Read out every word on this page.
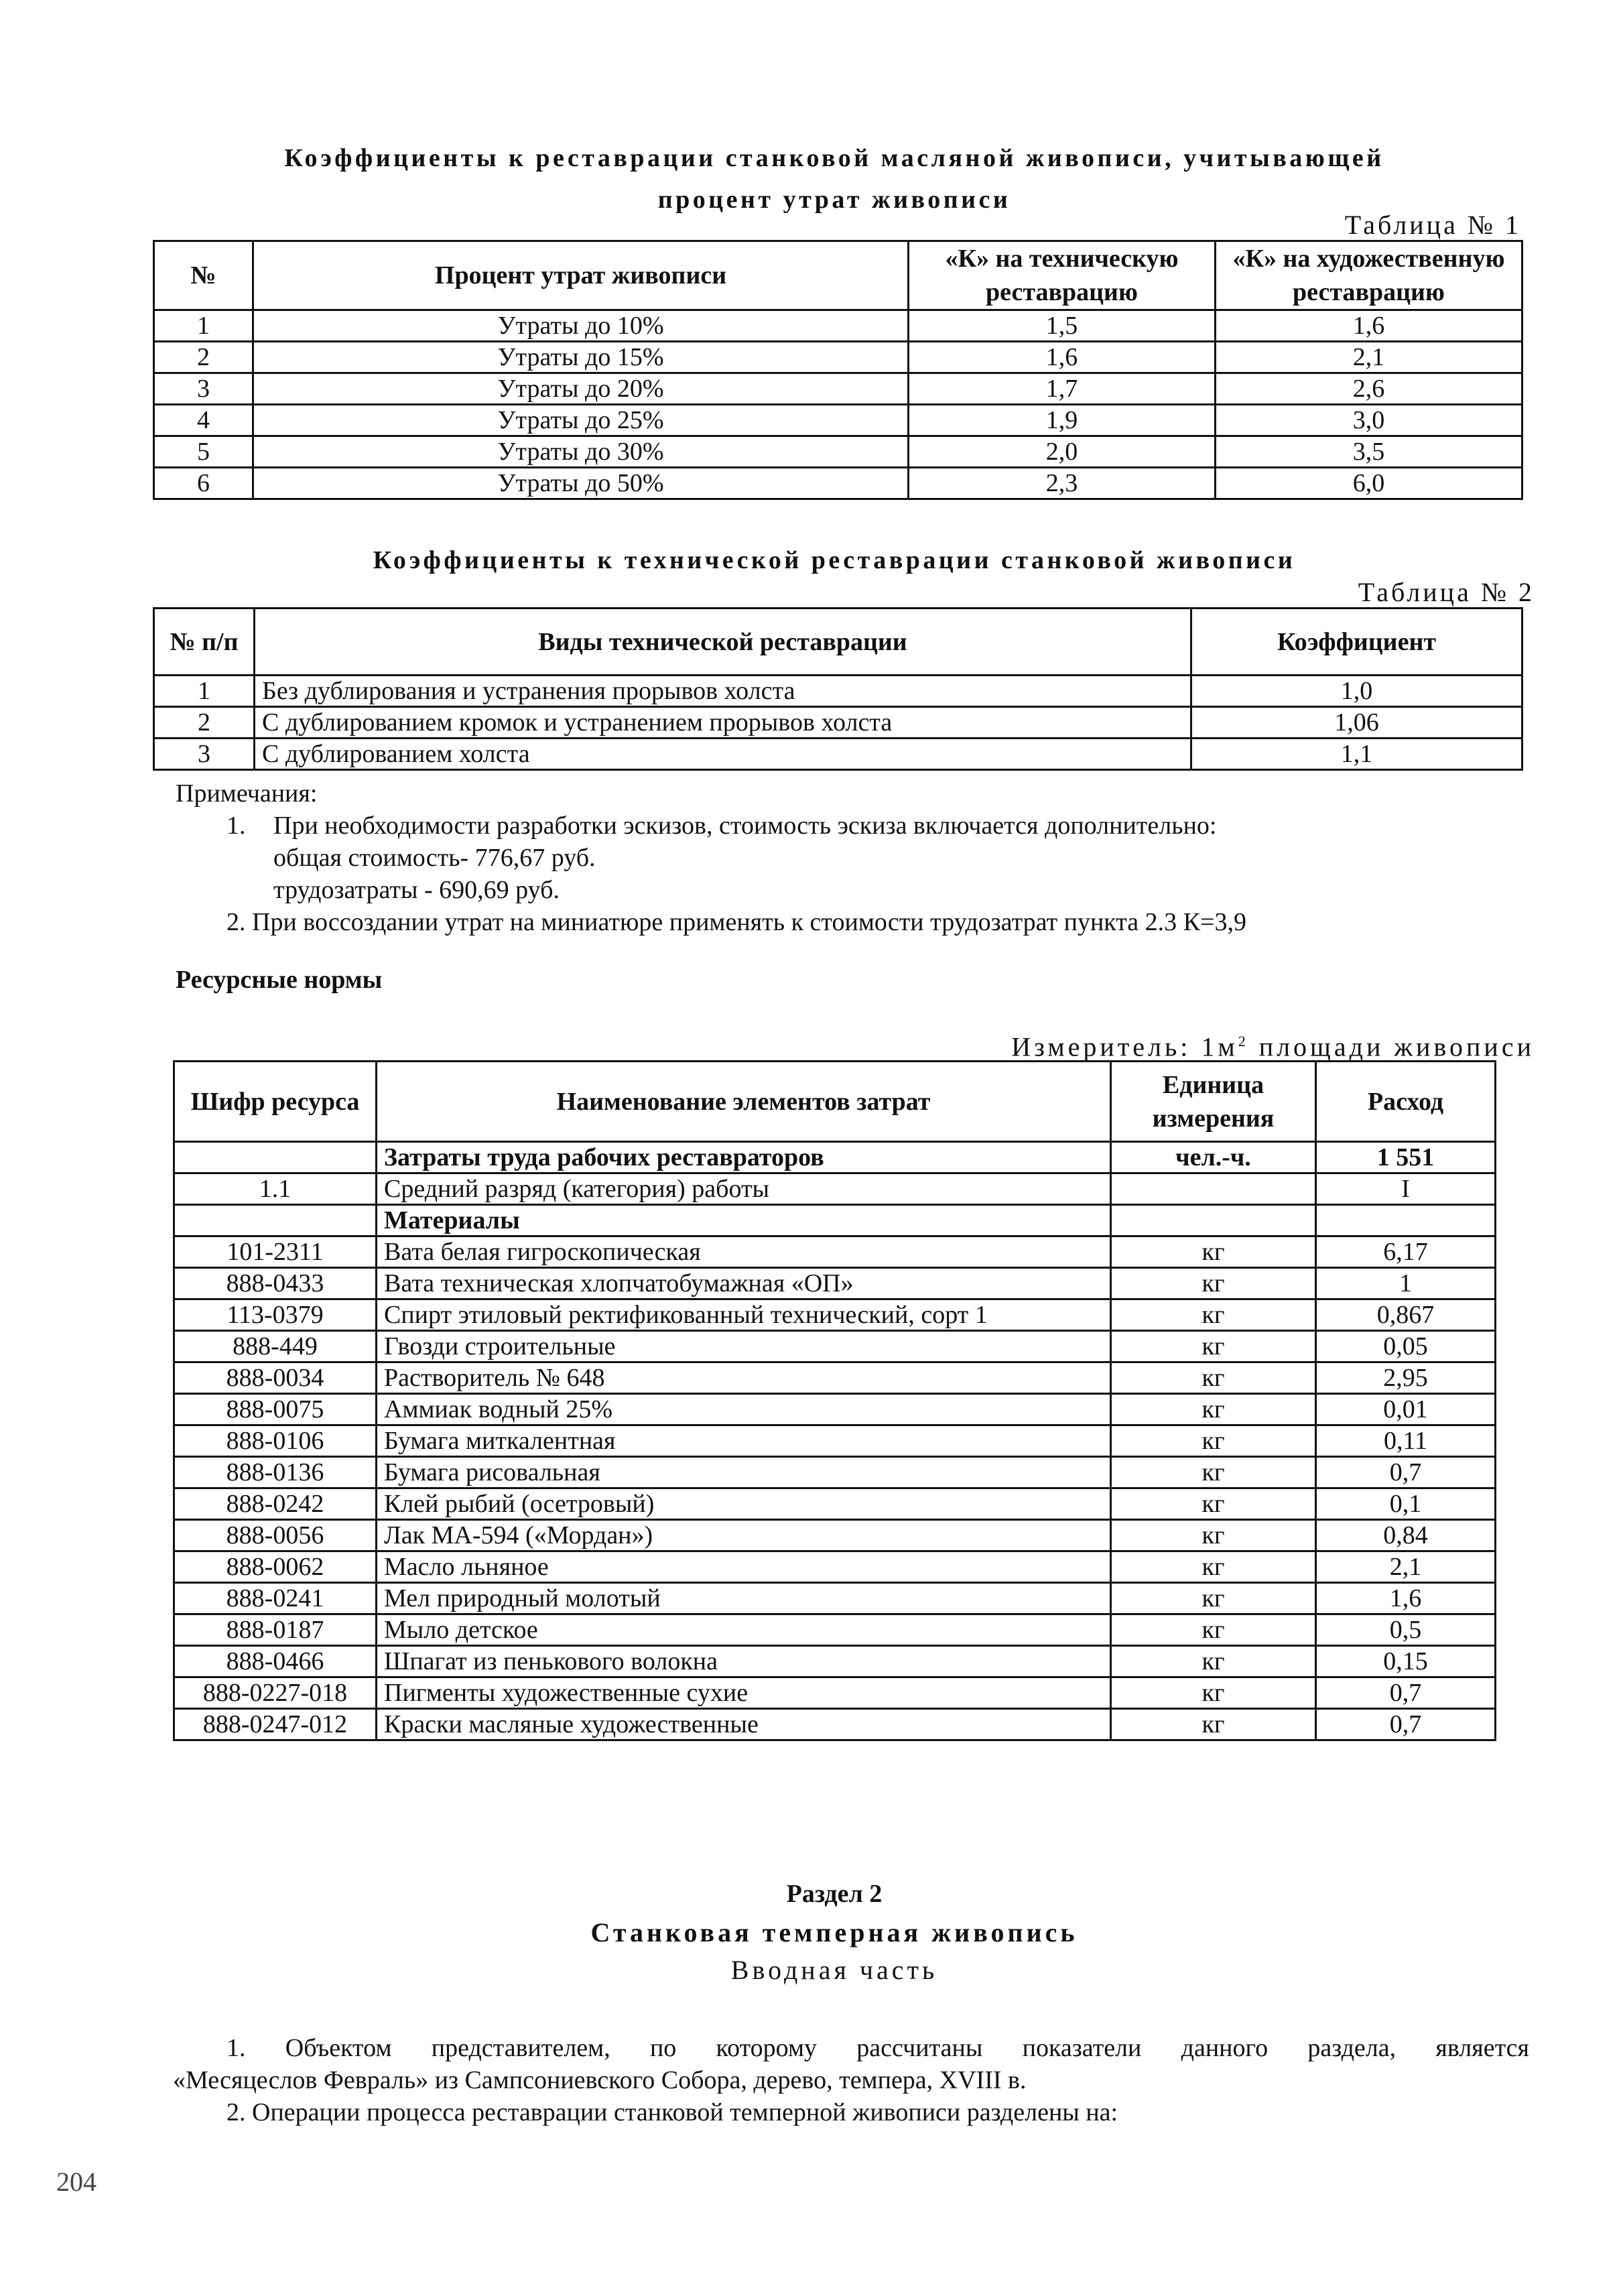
Коэффициенты к реставрации станковой масляной живописи, учитывающей
процент утрат живописи
Таблица № 1
№	Процент утрат живописи	«К» на техническую реставрацию	«К» на художественную реставрацию
1	Утраты до 10%	1,5	1,6
2	Утраты до 15%	1,6	2,1
3	Утраты до 20%	1,7	2,6
4	Утраты до 25%	1,9	3,0
5	Утраты до 30%	2,0	3,5
6	Утраты до 50%	2,3	6,0
Коэффициенты к технической реставрации станковой живописи
Таблица № 2
№ п/п	Виды технической реставрации	Коэффициент
1	Без дублирования и устранения прорывов холста	1,0
2	С дублированием кромок и устранением прорывов холста	1,06
3	С дублированием холста	1,1
Примечания:
1. При необходимости разработки эскизов, стоимость эскиза включается дополнительно:
общая стоимость- 776,67 руб.
трудозатраты - 690,69 руб.
2. При воссоздании утрат на миниатюре применять к стоимости трудозатрат пункта 2.3 К=3,9
Ресурсные нормы
Измеритель: $1м^2$ площади живописи
Шифр ресурса	Наименование элементов затрат	Единица измерения	Расход
	Затраты труда рабочих реставраторов	чел.-ч.	1 551
1.1	Средний разряд (категория) работы		I
	Материалы		
101-2311	Вата белая гигроскопическая	кг	6,17
888-0433	Вата техническая хлопчатобумажная «ОП»	кг	1
113-0379	Спирт этиловый ректификованный технический, сорт 1	кг	0,867
888-449	Гвозди строительные	кг	0,05
888-0034	Растворитель № 648	кг	2,95
888-0075	Аммиак водный 25%	кг	0,01
888-0106	Бумага миткалентная	кг	0,11
888-0136	Бумага рисовальная	кг	0,7
888-0242	Клей рыбий (осетровый)	кг	0,1
888-0056	Лак МА-594 («Мордан»)	кг	0,84
888-0062	Масло льняное	кг	2,1
888-0241	Мел природный молотый	кг	1,6
888-0187	Мыло детское	кг	0,5
888-0466	Шпагат из пенькового волокна	кг	0,15
888-0227-018	Пигменты художественные сухие	кг	0,7
888-0247-012	Краски масляные художественные	кг	0,7
Раздел 2
Станковая темперная живопись
Вводная часть
1. Объектом представителем, по которому рассчитаны показатели данного раздела, является
«Месяцеслов Февраль» из Сампсониевского Собора, дерево, темпера, XVIII в.
2. Операции процесса реставрации станковой темперной живописи разделены на:
204
